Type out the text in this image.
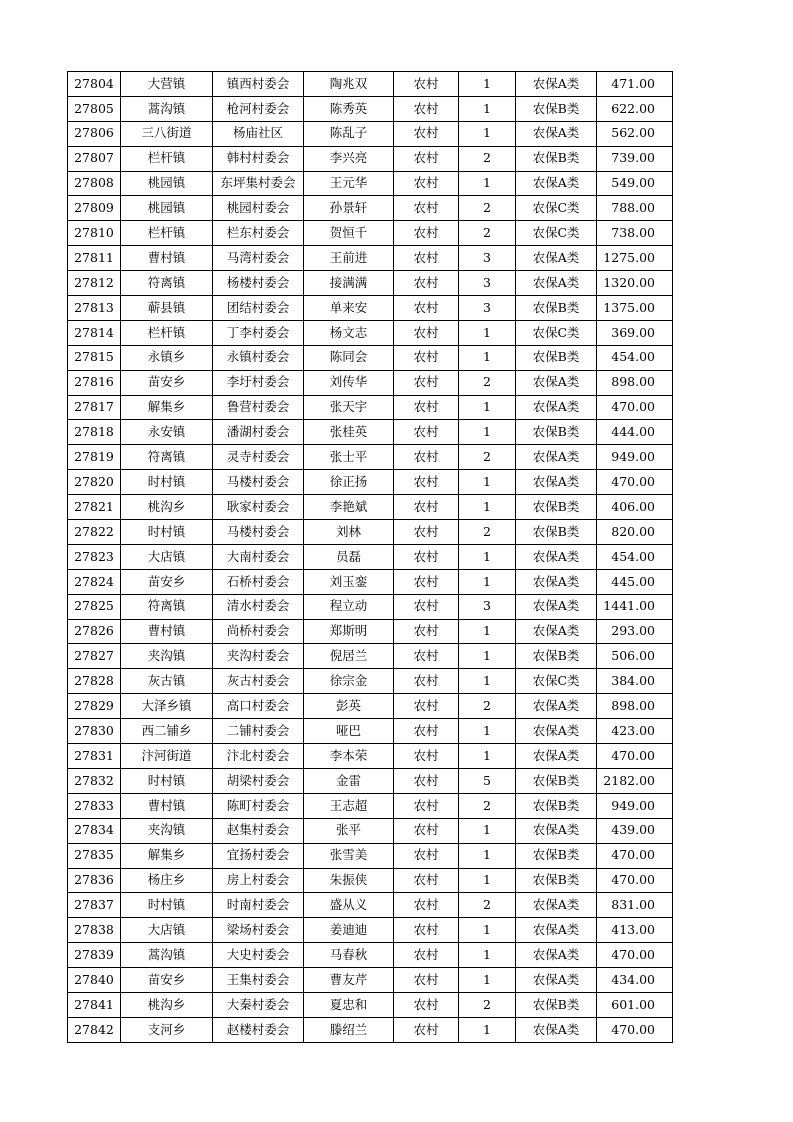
27804	大营镇	镇西村委会	陶兆双	农村	1	农保A类	471.00
27805	蒿沟镇	枪河村委会	陈秀英	农村	1	农保B类	622.00
27806	三八街道	杨庙社区	陈乱子	农村	1	农保A类	562.00
27807	栏杆镇	韩村村委会	李兴亮	农村	2	农保B类	739.00
27808	桃园镇	东坪集村委会	王元华	农村	1	农保A类	549.00
27809	桃园镇	桃园村委会	孙景轩	农村	2	农保C类	788.00
27810	栏杆镇	栏东村委会	贺恒千	农村	2	农保C类	738.00
27811	曹村镇	马湾村委会	王前进	农村	3	农保A类	1275.00
27812	符离镇	杨楼村委会	接满满	农村	3	农保A类	1320.00
27813	蕲县镇	团结村委会	单来安	农村	3	农保B类	1375.00
27814	栏杆镇	丁李村委会	杨文志	农村	1	农保C类	369.00
27815	永镇乡	永镇村委会	陈同会	农村	1	农保B类	454.00
27816	苗安乡	李圩村委会	刘传华	农村	2	农保A类	898.00
27817	解集乡	鲁营村委会	张天宇	农村	1	农保A类	470.00
27818	永安镇	潘湖村委会	张桂英	农村	1	农保B类	444.00
27819	符离镇	灵寺村委会	张士平	农村	2	农保A类	949.00
27820	时村镇	马楼村委会	徐正扬	农村	1	农保A类	470.00
27821	桃沟乡	耿家村委会	李艳斌	农村	1	农保B类	406.00
27822	时村镇	马楼村委会	刘林	农村	2	农保B类	820.00
27823	大店镇	大南村委会	员磊	农村	1	农保A类	454.00
27824	苗安乡	石桥村委会	刘玉銮	农村	1	农保A类	445.00
27825	符离镇	清水村委会	程立动	农村	3	农保A类	1441.00
27826	曹村镇	尚桥村委会	郑斯明	农村	1	农保A类	293.00
27827	夹沟镇	夹沟村委会	倪居兰	农村	1	农保B类	506.00
27828	灰古镇	灰古村委会	徐宗金	农村	1	农保C类	384.00
27829	大泽乡镇	高口村委会	彭英	农村	2	农保A类	898.00
27830	西二铺乡	二铺村委会	哑巴	农村	1	农保A类	423.00
27831	汴河街道	汴北村委会	李本荣	农村	1	农保A类	470.00
27832	时村镇	胡梁村委会	金雷	农村	5	农保B类	2182.00
27833	曹村镇	陈町村委会	王志超	农村	2	农保B类	949.00
27834	夹沟镇	赵集村委会	张平	农村	1	农保A类	439.00
27835	解集乡	宜扬村委会	张雪美	农村	1	农保B类	470.00
27836	杨庄乡	房上村委会	朱振侠	农村	1	农保B类	470.00
27837	时村镇	时南村委会	盛从义	农村	2	农保A类	831.00
27838	大店镇	梁场村委会	姜迪迪	农村	1	农保A类	413.00
27839	蒿沟镇	大史村委会	马春秋	农村	1	农保A类	470.00
27840	苗安乡	王集村委会	曹友芹	农村	1	农保A类	434.00
27841	桃沟乡	大秦村委会	夏忠和	农村	2	农保B类	601.00
27842	支河乡	赵楼村委会	滕绍兰	农村	1	农保A类	470.00
